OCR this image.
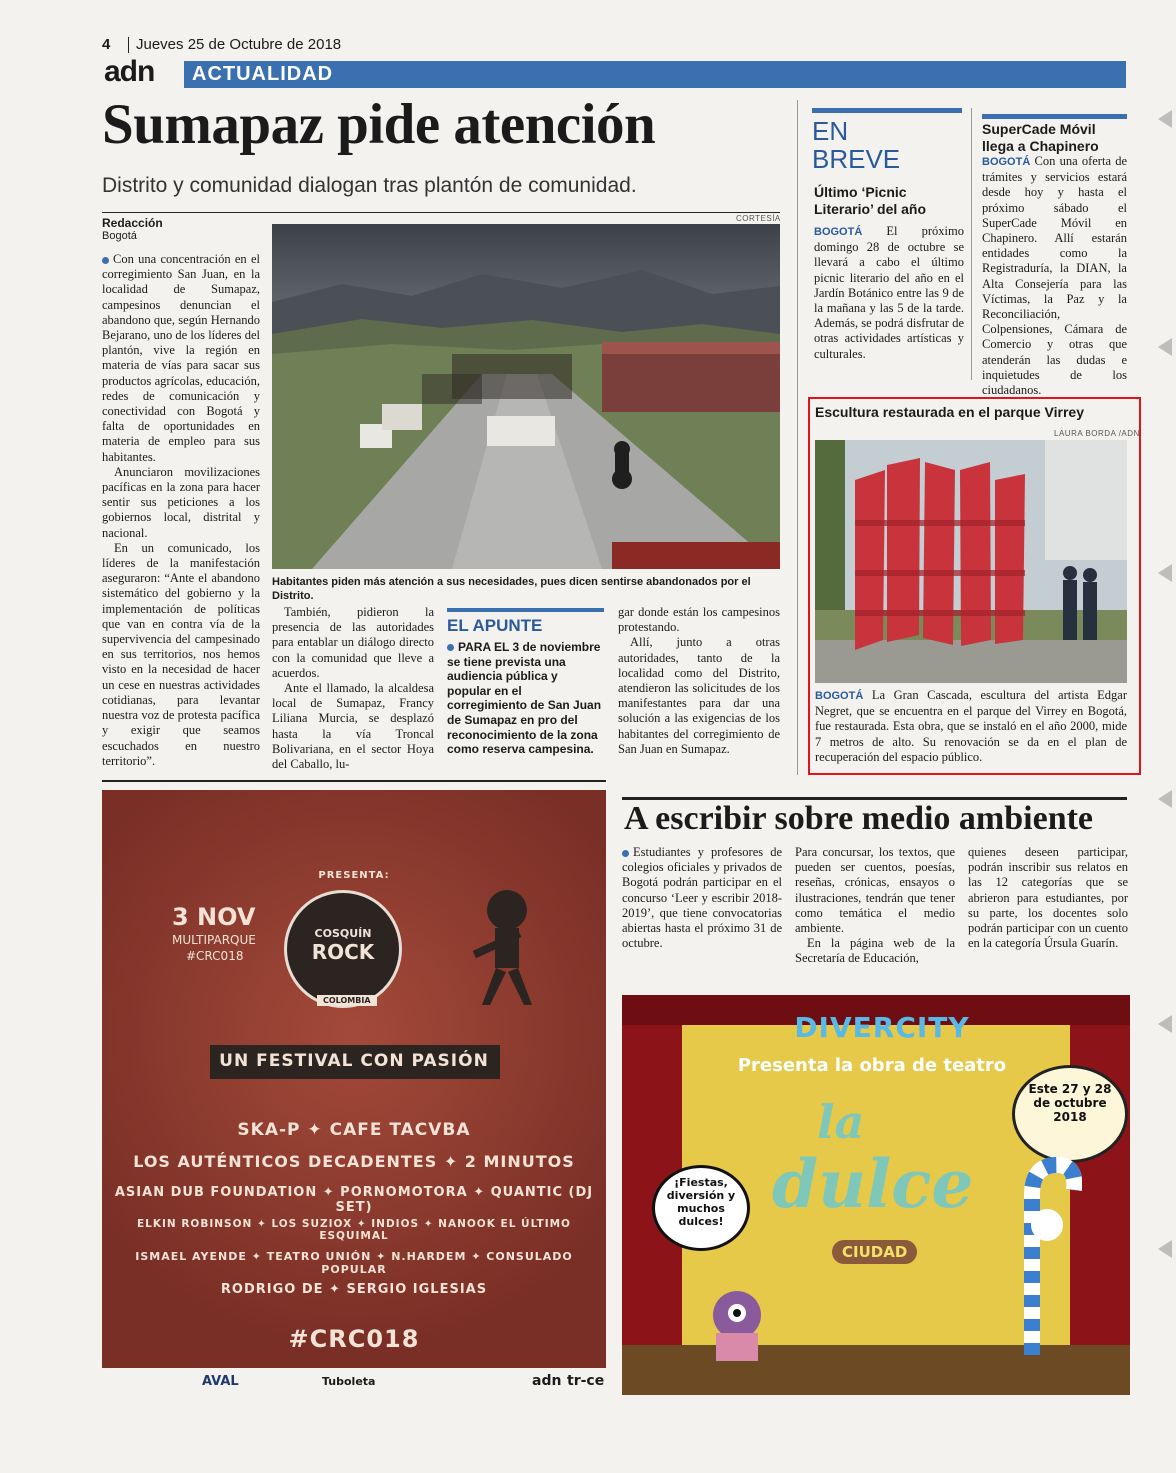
4 Jueves 25 de Octubre de 2018
adn ACTUALIDAD
Sumapaz pide atención
Distrito y comunidad dialogan tras plantón de comunidad.
Redacción
Bogotá
CORTESÍA
Habitantes piden más atención a sus necesidades, pues dicen sentirse abandonados por el Distrito.

Con una concentración en el corregimiento San Juan, en la localidad de Sumapaz, campesinos denuncian el abandono que, según Hernando Bejarano, uno de los líderes del plantón, vive la región en materia de vías para sacar sus productos agrícolas, educación, redes de comunicación y conectividad con Bogotá y falta de oportunidades en materia de empleo para sus habitantes.

Anunciaron movilizaciones pacíficas en la zona para hacer sentir sus peticiones a los gobiernos local, distrital y nacional.

En un comunicado, los líderes de la manifestación aseguraron: “Ante el abandono sistemático del gobierno y la implementación de políticas que van en contra vía de la supervivencia del campesinado en sus territorios, nos hemos visto en la necesidad de hacer un cese en nuestras actividades cotidianas, para levantar nuestra voz de protesta pacífica y exigir que seamos escuchados en nuestro territorio”.

También, pidieron la presencia de las autoridades para entablar un diálogo directo con la comunidad que lleve a acuerdos.

Ante el llamado, la alcaldesa local de Sumapaz, Francy Liliana Murcia, se desplazó hasta la vía Troncal Bolivariana, en el sector Hoya del Caballo, lu-

EL APUNTE
PARA EL 3 de noviembre se tiene prevista una audiencia pública y popular en el corregimiento de San Juan de Sumapaz en pro del reconocimiento de la zona como reserva campesina.

gar donde están los campesinos protestando.

Allí, junto a otras autoridades, tanto de la localidad como del Distrito, atendieron las solicitudes de los manifestantes para dar una solución a las exigencias de los habitantes del corregimiento de San Juan en Sumapaz.

EN
BREVE
Último ‘Picnic Literario’ del año
BOGOTÁ El próximo domingo 28 de octubre se llevará a cabo el último picnic literario del año en el Jardín Botánico entre las 9 de la mañana y las 5 de la tarde. Además, se podrá disfrutar de otras actividades artísticas y culturales.
SuperCade Móvil llega a Chapinero
BOGOTÁ Con una oferta de trámites y servicios estará desde hoy y hasta el próximo sábado el SuperCade Móvil en Chapinero. Allí estarán entidades como la Registraduría, la DIAN, la Alta Consejería para las Víctimas, la Paz y la Reconciliación, Colpensiones, Cámara de Comercio y otras que atenderán las dudas e inquietudes de los ciudadanos.
Escultura restaurada en el parque Virrey
LAURA BORDA /ADN
BOGOTÁ La Gran Cascada, escultura del artista Edgar Negret, que se encuentra en el parque del Virrey en Bogotá, fue restaurada. Esta obra, que se instaló en el año 2000, mide 7 metros de alto. Su renovación se da en el plan de recuperación del espacio público.
A escribir sobre medio ambiente
Estudiantes y profesores de colegios oficiales y privados de Bogotá podrán participar en el concurso ‘Leer y escribir 2018-2019’, que tiene convocatorias abiertas hasta el próximo 31 de octubre.

Para concursar, los textos, que pueden ser cuentos, poesías, reseñas, crónicas, ensayos o ilustraciones, tendrán que tener como temática el medio ambiente.

En la página web de la Secretaría de Educación,

quienes deseen participar, podrán inscribir sus relatos en las 12 categorías que se abrieron para estudiantes, por su parte, los docentes solo podrán participar con un cuento en la categoría Úrsula Guarín.
PRESENTA:
3 NOV
MULTIPARQUE
#CRC018
COSQUÍN
ROCK
COLOMBIA
UN FESTIVAL CON PASIÓN
SKA-P ✦ CAFE TACVBA
LOS AUTÉNTICOS DECADENTES ✦ 2 MINUTOS
ASIAN DUB FOUNDATION ✦ PORNOMOTORA ✦ QUANTIC (DJ SET)
ELKIN ROBINSON ✦ LOS SUZIOX ✦ INDIOS ✦ NANOOK EL ÚLTIMO ESQUIMAL
ISMAEL AYENDE ✦ TEATRO UNIÓN ✦ N.HARDEM ✦ CONSULADO POPULAR
RODRIGO DE ✦ SERGIO IGLESIAS
#CRC018
AVAL	Tuboleta	adn tr-ce
DIVERCITY
Presenta la obra de teatro
la
dulce
CIUDAD
Este 27 y 28 de octubre 2018
¡Fiestas, diversión y muchos dulces!
